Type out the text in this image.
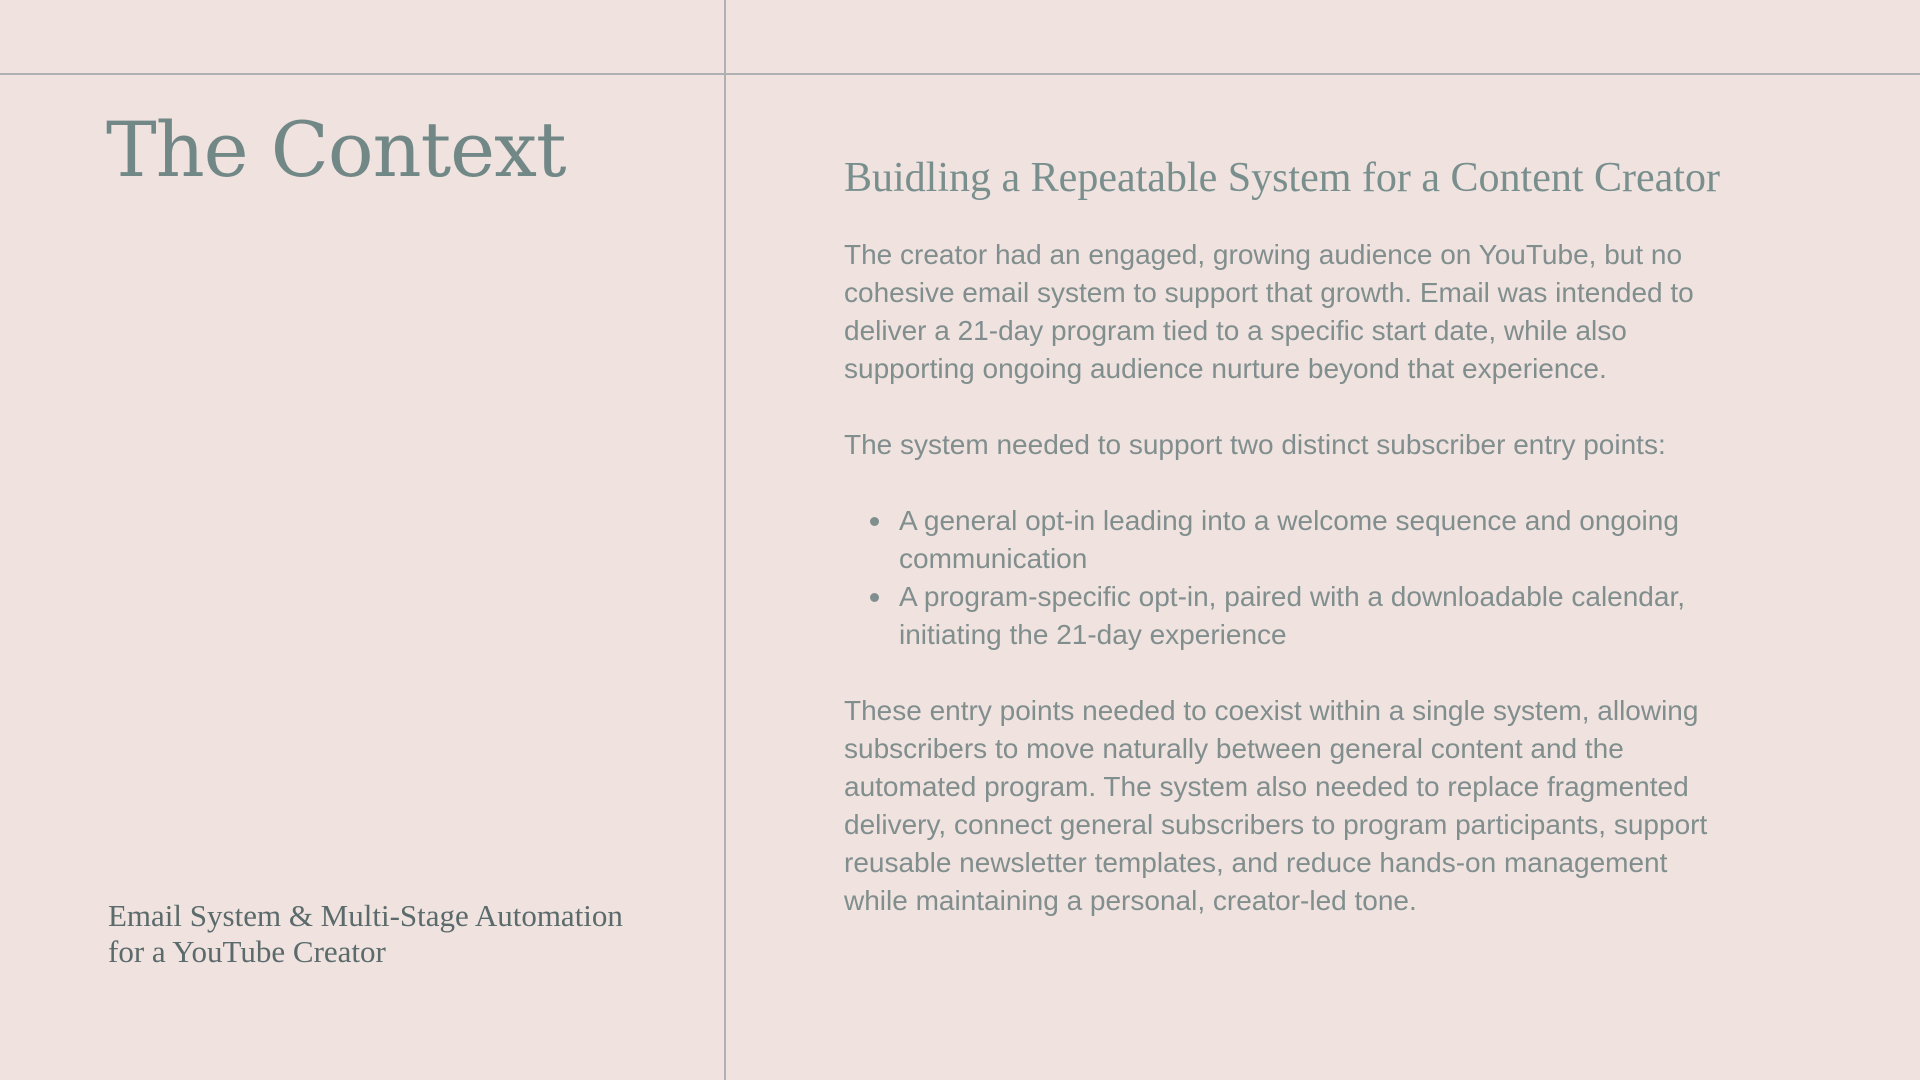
The Context
Email System & Multi-Stage Automation
for a YouTube Creator
Buidling a Repeatable System for a Content Creator

The creator had an engaged, growing audience on YouTube, but no
cohesive email system to support that growth. Email was intended to
deliver a 21-day program tied to a specific start date, while also
supporting ongoing audience nurture beyond that experience.

The system needed to support two distinct subscriber entry points:

A general opt-in leading into a welcome sequence and ongoing
communication
A program-specific opt-in, paired with a downloadable calendar,
initiating the 21-day experience

These entry points needed to coexist within a single system, allowing
subscribers to move naturally between general content and the
automated program. The system also needed to replace fragmented
delivery, connect general subscribers to program participants, support
reusable newsletter templates, and reduce hands-on management
while maintaining a personal, creator-led tone.
